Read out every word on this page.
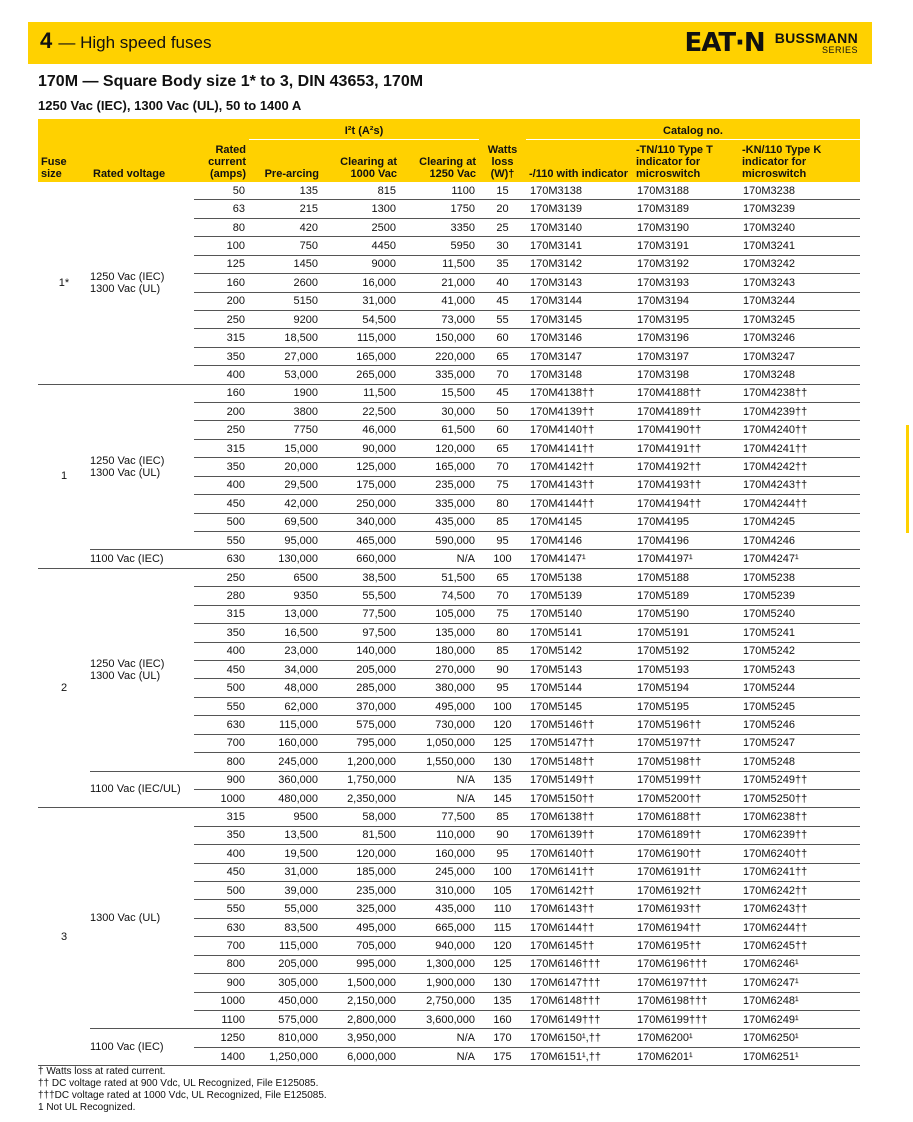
4 — High speed fuses	EAT·N BUSSMANN
SERIES
170M — Square Body size 1* to 3, DIN 43653, 170M
1250 Vac (IEC), 1300 Vac (UL), 50 to 1400 A
Fuse size	Rated voltage	Rated current (amps)	I²t (A²s)			Watts loss (W)†	Catalog no.		
			Pre-arcing	Clearing at 1000 Vac	Clearing at 1250 Vac		-/110 with indicator	-TN/110 Type T indicator for microswitch	-KN/110 Type K indicator for microswitch
1*	1250 Vac (IEC)
1300 Vac (UL)	50	135	815	1100	15	170M3138	170M3188	170M3238
		63	215	1300	1750	20	170M3139	170M3189	170M3239
		80	420	2500	3350	25	170M3140	170M3190	170M3240
		100	750	4450	5950	30	170M3141	170M3191	170M3241
		125	1450	9000	11,500	35	170M3142	170M3192	170M3242
		160	2600	16,000	21,000	40	170M3143	170M3193	170M3243
		200	5150	31,000	41,000	45	170M3144	170M3194	170M3244
		250	9200	54,500	73,000	55	170M3145	170M3195	170M3245
		315	18,500	115,000	150,000	60	170M3146	170M3196	170M3246
		350	27,000	165,000	220,000	65	170M3147	170M3197	170M3247
		400	53,000	265,000	335,000	70	170M3148	170M3198	170M3248
1	1250 Vac (IEC)
1300 Vac (UL)	160	1900	11,500	15,500	45	170M4138††	170M4188††	170M4238††
		200	3800	22,500	30,000	50	170M4139††	170M4189††	170M4239††
		250	7750	46,000	61,500	60	170M4140††	170M4190††	170M4240††
		315	15,000	90,000	120,000	65	170M4141††	170M4191††	170M4241††
		350	20,000	125,000	165,000	70	170M4142††	170M4192††	170M4242††
		400	29,500	175,000	235,000	75	170M4143††	170M4193††	170M4243††
		450	42,000	250,000	335,000	80	170M4144††	170M4194††	170M4244††
		500	69,500	340,000	435,000	85	170M4145	170M4195	170M4245
		550	95,000	465,000	590,000	95	170M4146	170M4196	170M4246

	1100 Vac (IEC)	630	130,000	660,000	N/A	100	170M4147¹	170M4197¹	170M4247¹
2	1250 Vac (IEC)
1300 Vac (UL)	250	6500	38,500	51,500	65	170M5138	170M5188	170M5238
		280	9350	55,500	74,500	70	170M5139	170M5189	170M5239
		315	13,000	77,500	105,000	75	170M5140	170M5190	170M5240
		350	16,500	97,500	135,000	80	170M5141	170M5191	170M5241
		400	23,000	140,000	180,000	85	170M5142	170M5192	170M5242
		450	34,000	205,000	270,000	90	170M5143	170M5193	170M5243
		500	48,000	285,000	380,000	95	170M5144	170M5194	170M5244
		550	62,000	370,000	495,000	100	170M5145	170M5195	170M5245
		630	115,000	575,000	730,000	120	170M5146††	170M5196††	170M5246
		700	160,000	795,000	1,050,000	125	170M5147††	170M5197††	170M5247
		800	245,000	1,200,000	1,550,000	130	170M5148††	170M5198††	170M5248

	1100 Vac (IEC/UL)	900	360,000	1,750,000	N/A	135	170M5149††	170M5199††	170M5249††
		1000	480,000	2,350,000	N/A	145	170M5150††	170M5200††	170M5250††
3	1300 Vac (UL)	315	9500	58,000	77,500	85	170M6138††	170M6188††	170M6238††
		350	13,500	81,500	110,000	90	170M6139††	170M6189††	170M6239††
		400	19,500	120,000	160,000	95	170M6140††	170M6190††	170M6240††
		450	31,000	185,000	245,000	100	170M6141††	170M6191††	170M6241††
		500	39,000	235,000	310,000	105	170M6142††	170M6192††	170M6242††
		550	55,000	325,000	435,000	110	170M6143††	170M6193††	170M6243††
		630	83,500	495,000	665,000	115	170M6144††	170M6194††	170M6244††
		700	115,000	705,000	940,000	120	170M6145††	170M6195††	170M6245††
		800	205,000	995,000	1,300,000	125	170M6146†††	170M6196†††	170M6246¹
		900	305,000	1,500,000	1,900,000	130	170M6147†††	170M6197†††	170M6247¹
		1000	450,000	2,150,000	2,750,000	135	170M6148†††	170M6198†††	170M6248¹
		1100	575,000	2,800,000	3,600,000	160	170M6149†††	170M6199†††	170M6249¹

	1100 Vac (IEC)	1250	810,000	3,950,000	N/A	170	170M6150¹,††	170M6200¹	170M6250¹
		1400	1,250,000	6,000,000	N/A	175	170M6151¹,††	170M6201¹	170M6251¹
† Watts loss at rated current.
†† DC voltage rated at 900 Vdc, UL Recognized, File E125085.
†††DC voltage rated at 1000 Vdc, UL Recognized, File E125085.
1 Not UL Recognized.
